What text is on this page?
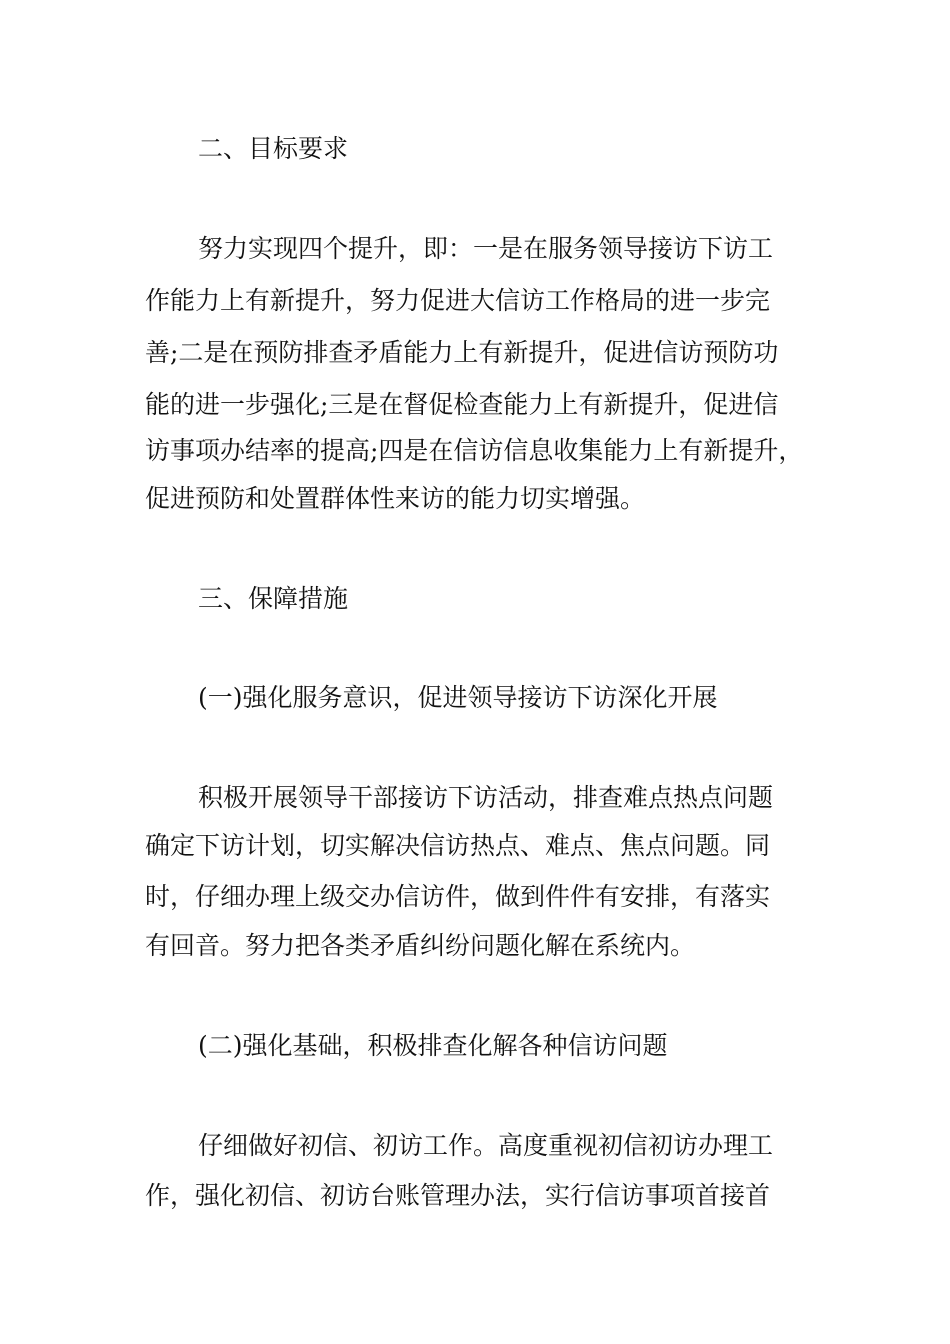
二、目标要求

努力实现四个提升，即：一是在服务领导接访下访工

作能力上有新提升，努力促进大信访工作格局的进一步完

善;二是在预防排查矛盾能力上有新提升，促进信访预防功

能的进一步强化;三是在督促检查能力上有新提升，促进信

访事项办结率的提高;四是在信访信息收集能力上有新提升，

促进预防和处置群体性来访的能力切实增强。

三、保障措施

(一)强化服务意识，促进领导接访下访深化开展

积极开展领导干部接访下访活动，排查难点热点问题

确定下访计划，切实解决信访热点、难点、焦点问题。同

时，仔细办理上级交办信访件，做到件件有安排，有落实

有回音。努力把各类矛盾纠纷问题化解在系统内。

(二)强化基础，积极排查化解各种信访问题

仔细做好初信、初访工作。高度重视初信初访办理工

作，强化初信、初访台账管理办法，实行信访事项首接首
